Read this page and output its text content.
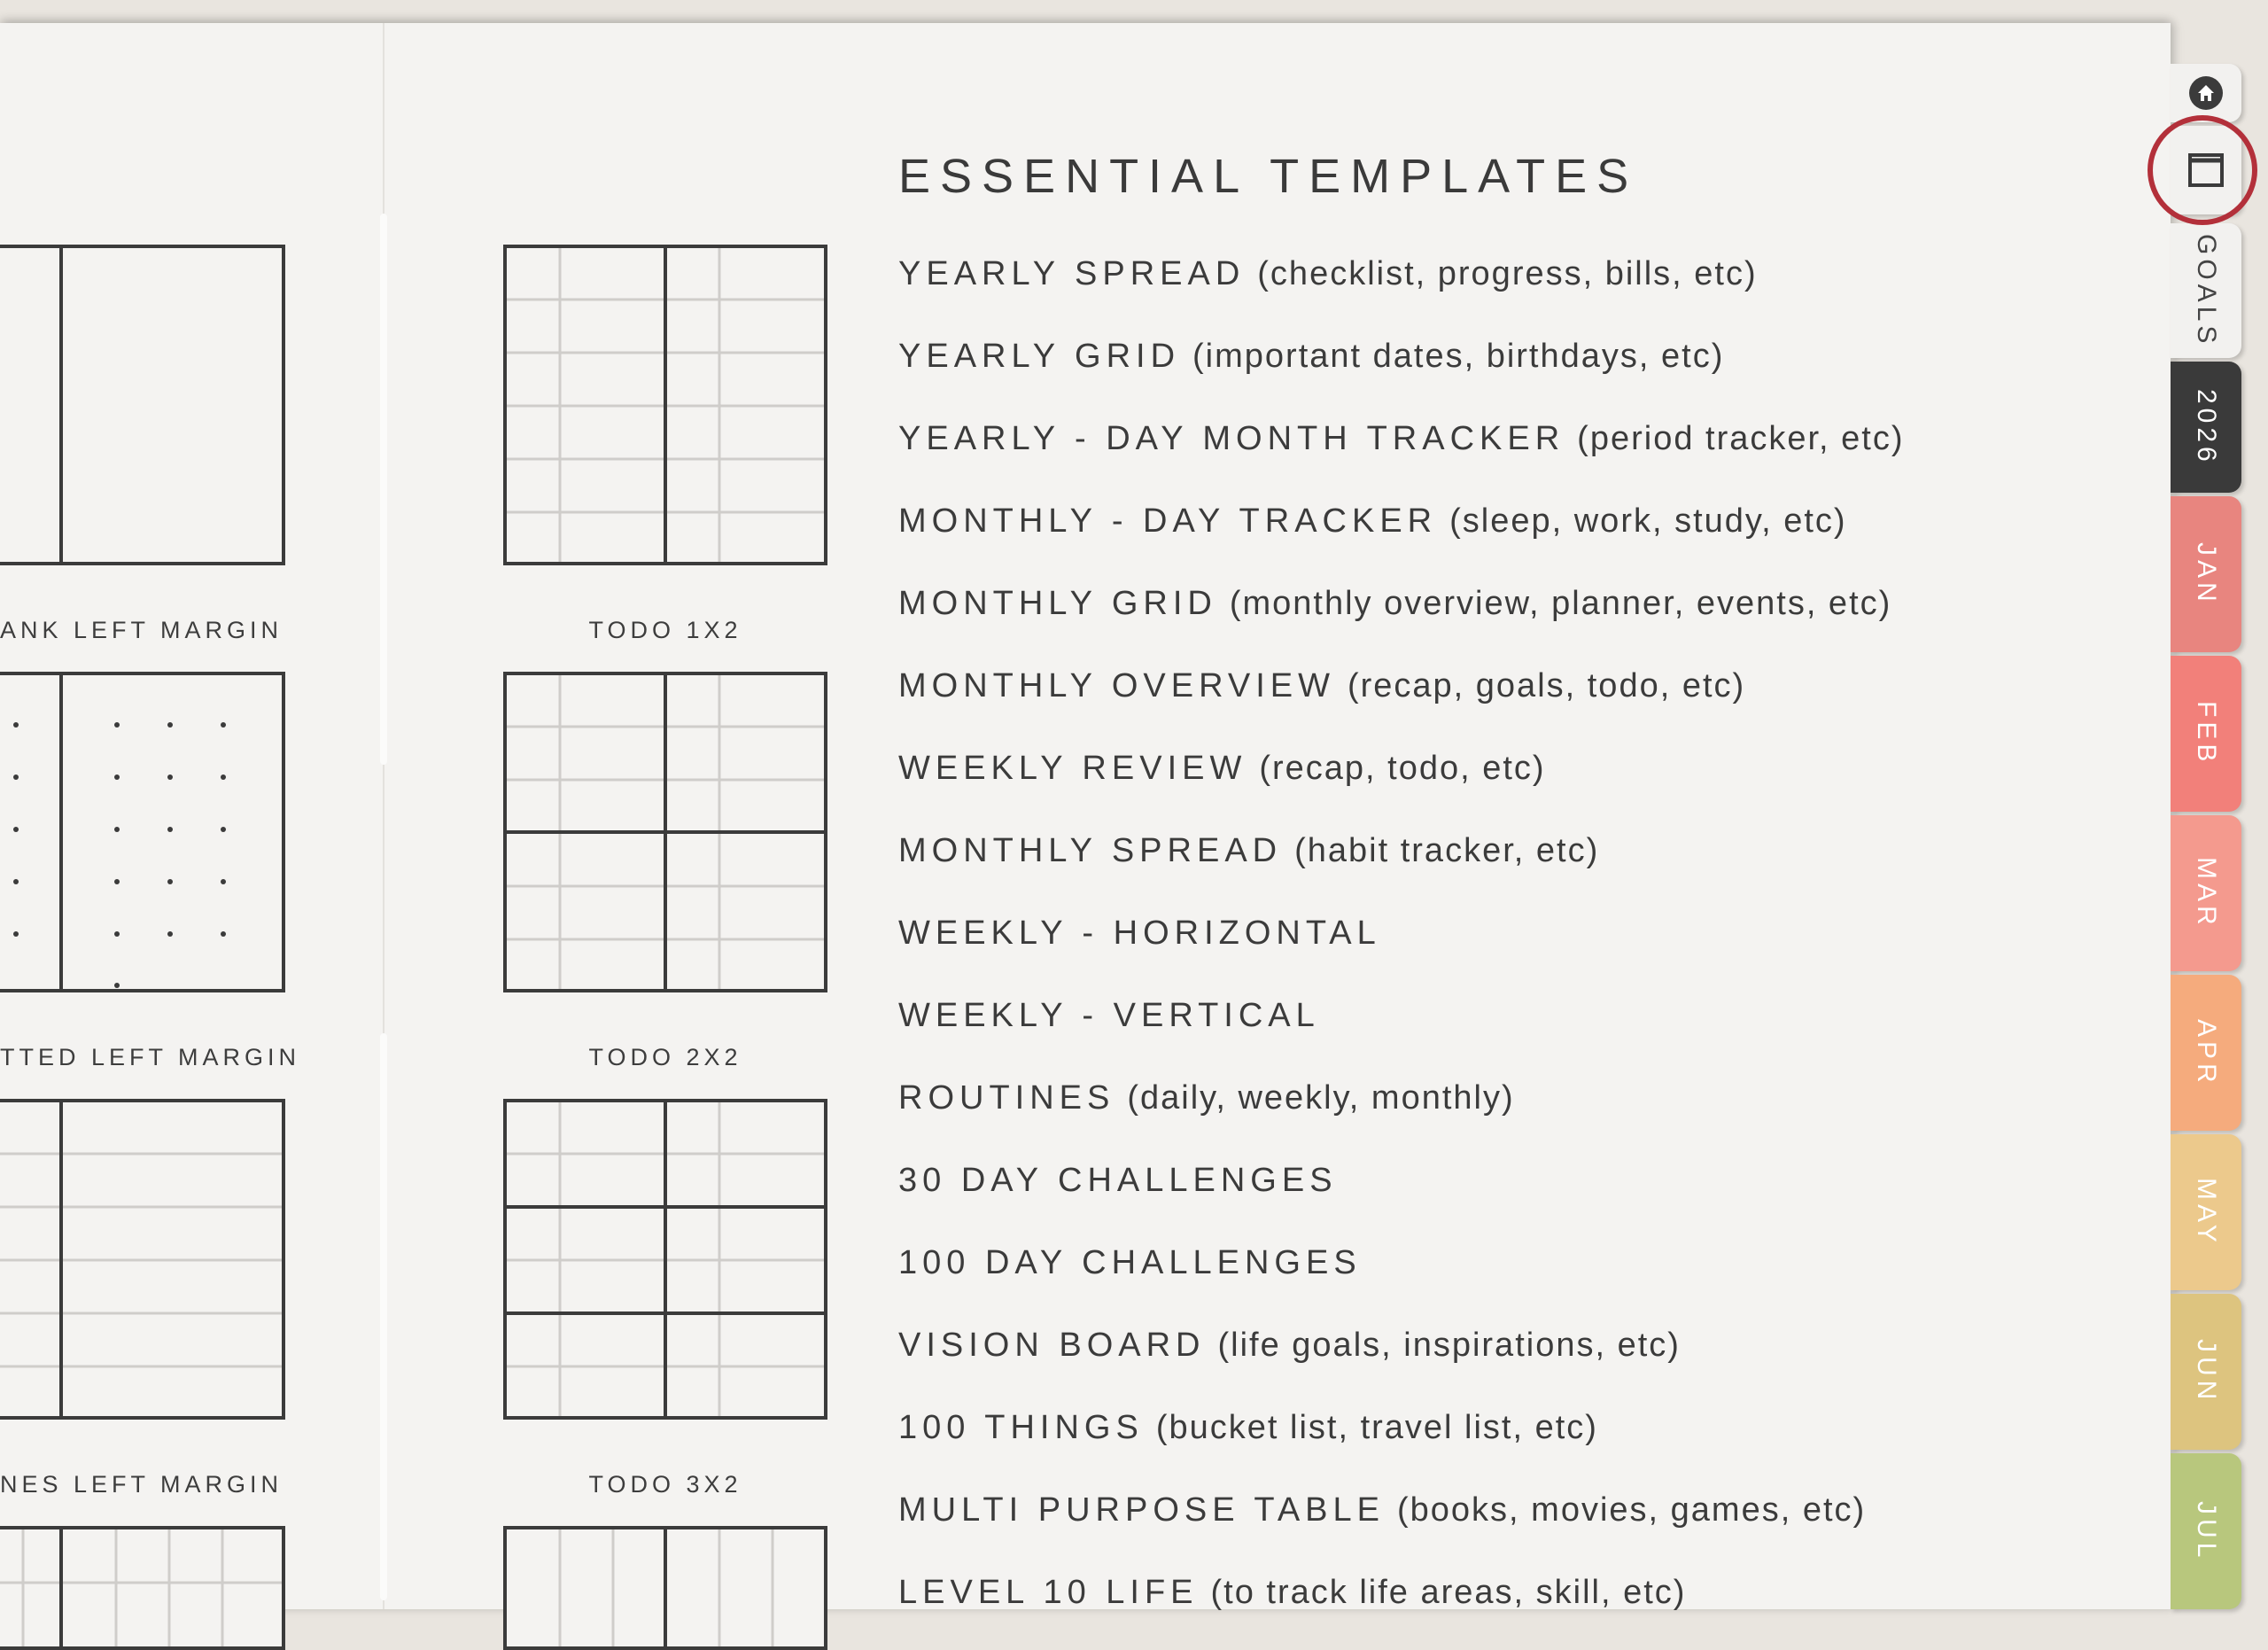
ANK LEFT MARGIN
TTED LEFT MARGIN
NES LEFT MARGIN
TODO 1X2
TODO 2X2
TODO 3X2
ESSENTIAL TEMPLATES
YEARLY SPREAD (checklist, progress, bills, etc)
YEARLY GRID (important dates, birthdays, etc)
YEARLY - DAY MONTH TRACKER (period tracker, etc)
MONTHLY - DAY TRACKER (sleep, work, study, etc)
MONTHLY GRID (monthly overview, planner, events, etc)
MONTHLY OVERVIEW (recap, goals, todo, etc)
WEEKLY REVIEW (recap, todo, etc)
MONTHLY SPREAD (habit tracker, etc)
WEEKLY - HORIZONTAL
WEEKLY - VERTICAL
ROUTINES (daily, weekly, monthly)
30 DAY CHALLENGES
100 DAY CHALLENGES
VISION BOARD (life goals, inspirations, etc)
100 THINGS (bucket list, travel list, etc)
MULTI PURPOSE TABLE (books, movies, games, etc)
LEVEL 10 LIFE (to track life areas, skill, etc)
GOALS
2026
JAN
FEB
MAR
APR
MAY
JUN
JUL
